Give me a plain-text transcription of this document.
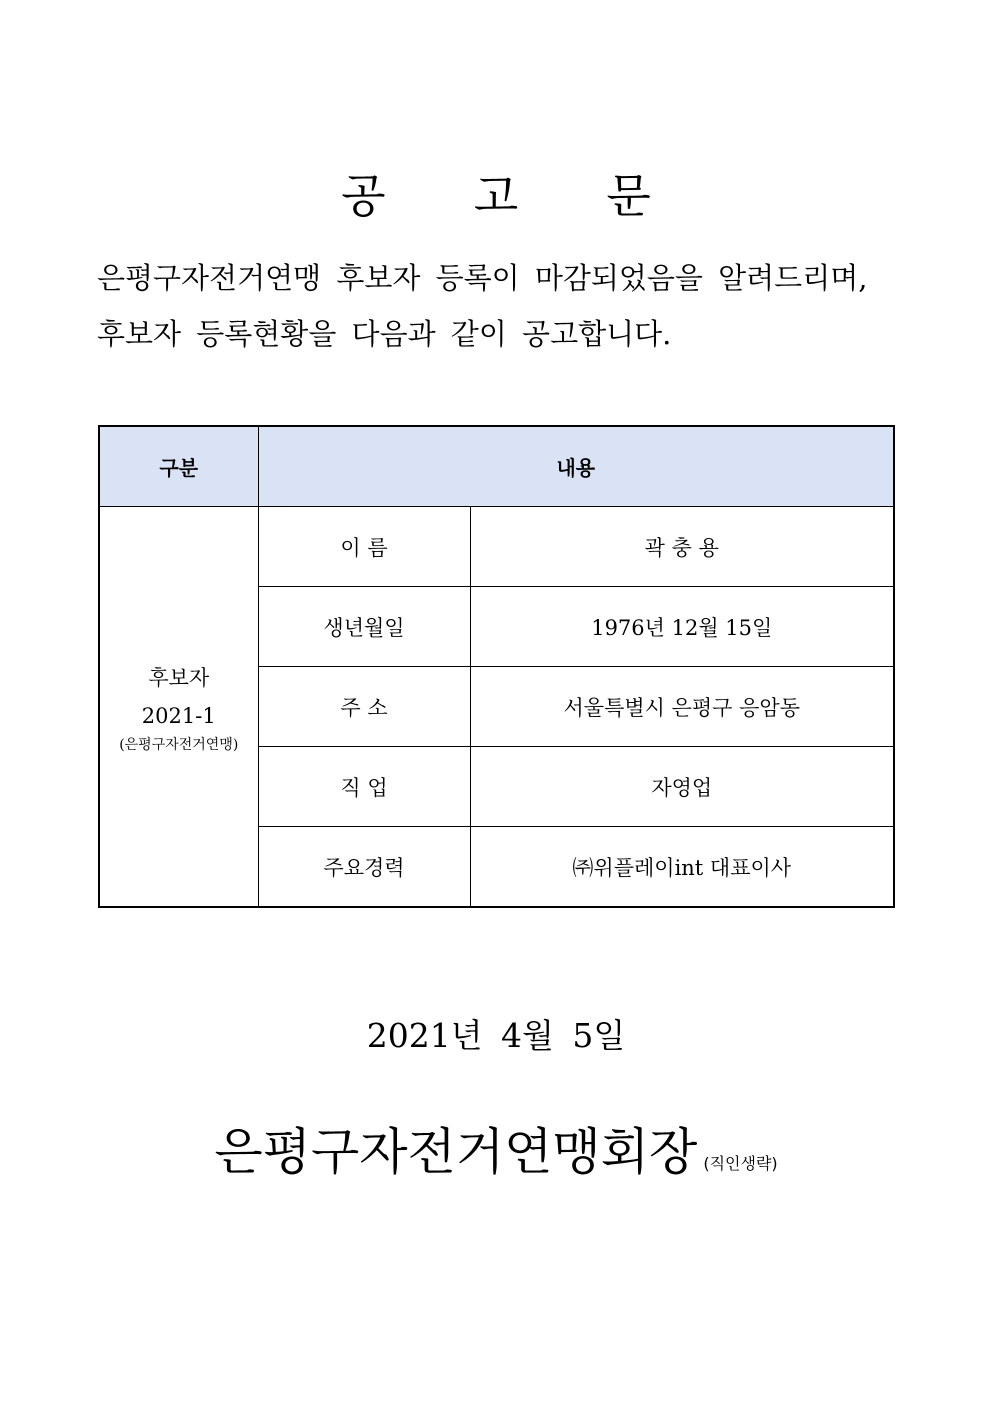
공 고 문
은평구자전거연맹 후보자 등록이 마감되었음을 알려드리며,
후보자 등록현황을 다음과 같이 공고합니다.
구분	내용	

후보자
2021-1
(은평구자전거연맹)	이 름	곽 충 용
	생년월일	1976년 12월 15일
	주 소	서울특별시 은평구 응암동
	직 업	자영업
	주요경력	㈜위플레이int 대표이사
2021년 4월 5일
은평구자전거연맹회장 (직인생략)
